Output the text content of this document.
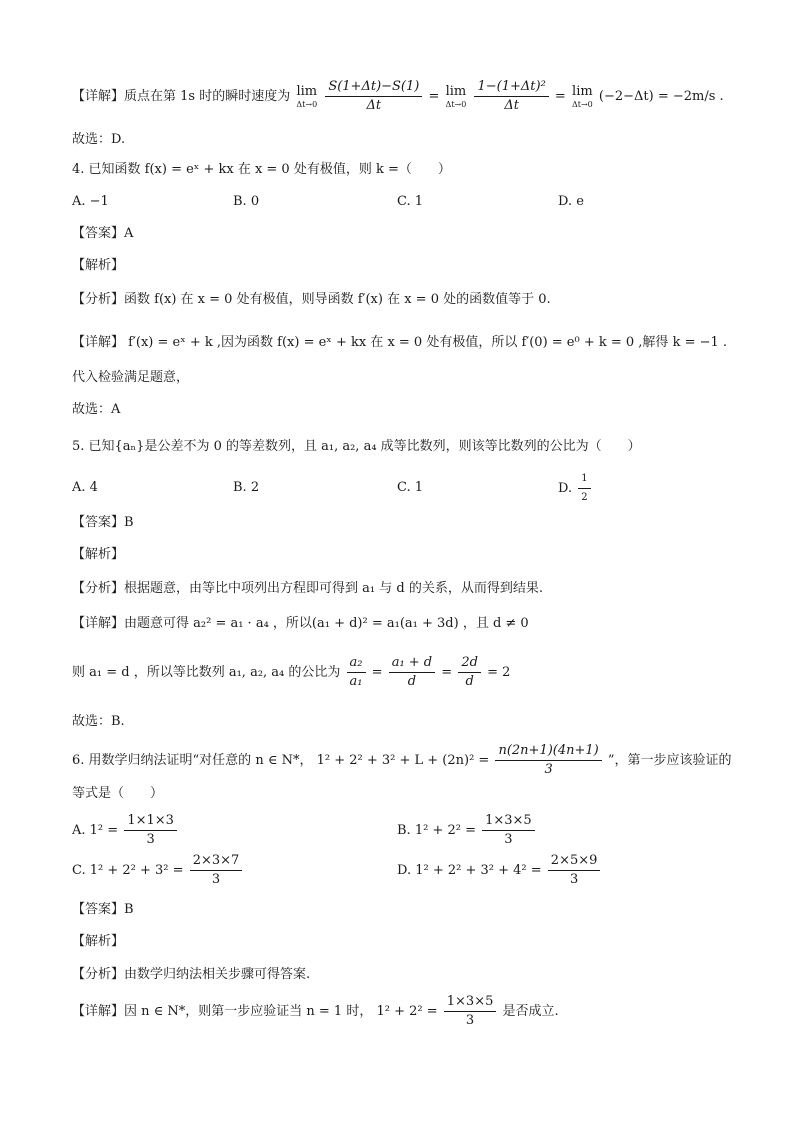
【详解】质点在第 1s 时的瞬时速度为 lim
Δt→0
$\frac{S(1+\Delta t)-S(1)}{\Delta t} = \lim$
Δt→0
$\frac{\text{1−(1+Δt)²}}{\Delta t} = \lim$
Δt→0
(−2−Δt) = −2m/s .
故选：D.
4. 已知函数 f(x) = eˣ + kx 在 x = 0 处有极值，则 k =（　　）
A. −1	B. 0	C. 1	D. e
【答案】A
【解析】
【分析】函数 f(x) 在 x = 0 处有极值，则导函数 f′(x) 在 x = 0 处的函数值等于 0.
【详解】 f′(x) = eˣ + k ,因为函数 f(x) = eˣ + kx 在 x = 0 处有极值，所以 f′(0) = e⁰ + k = 0 ,解得 k = −1 .
代入检验满足题意，
故选：A
5. 已知{aₙ}是公差不为 0 的等差数列，且 a₁, a₂, a₄ 成等比数列，则该等比数列的公比为（　　）
A. 4	B. 2	C. 1	D. $\frac{1}{2}$
【答案】B
【解析】
【分析】根据题意，由等比中项列出方程即可得到 a₁ 与 d 的关系，从而得到结果.
【详解】由题意可得 a₂² = a₁ · a₄ ，所以(a₁ + d)² = a₁(a₁ + 3d) ，且 d ≠ 0
则 a₁ = d ，所以等比数列 a₁, a₂, a₄ 的公比为 $\frac{\text{a₂}}{\text{a₁}} = \frac{\text{a₁ + d}}{d} = \frac{2d}{d} = 2$
故选：B.
6. 用数学归纳法证明“对任意的 n ∈ N*， $1^2 + 2^2 + 3^2 + L + (2n)^2 = \frac{n(2n+1)(4n+1)}{3}$ ”，第一步应该验证的
等式是（　　）
A. $1^2 = \frac{1\times 1\times 3}{3}$	B. $1^2 + 2^2 = \frac{1\times 3\times 5}{3}$
C. $1^2 + 2^2 + 3^2 = \frac{2\times 3\times 7}{3}$	D. $1^2 + 2^2 + 3^2 + 4^2 = \frac{2\times 5\times 9}{3}$
【答案】B
【解析】
【分析】由数学归纳法相关步骤可得答案.
【详解】因 n ∈ N*，则第一步应验证当 n = 1 时， $1^2 + 2^2 = \frac{1\times 3\times 5}{3}$ 是否成立.
